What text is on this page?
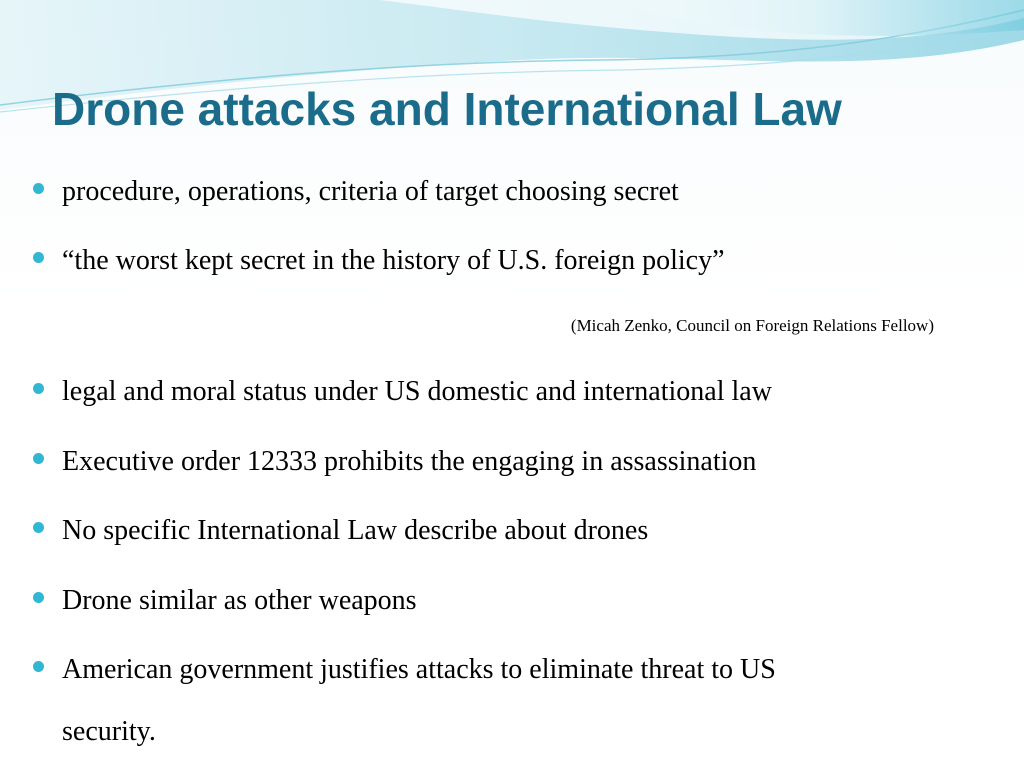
Drone attacks and International Law
procedure, operations, criteria of target choosing secret
“the worst kept secret in the history of U.S. foreign policy”
(Micah Zenko, Council on Foreign Relations Fellow)
legal and moral status under US domestic and international law
Executive order 12333 prohibits the engaging in assassination
No specific International Law describe about drones
Drone similar as other weapons
American government justifies attacks to eliminate threat to US
security.
